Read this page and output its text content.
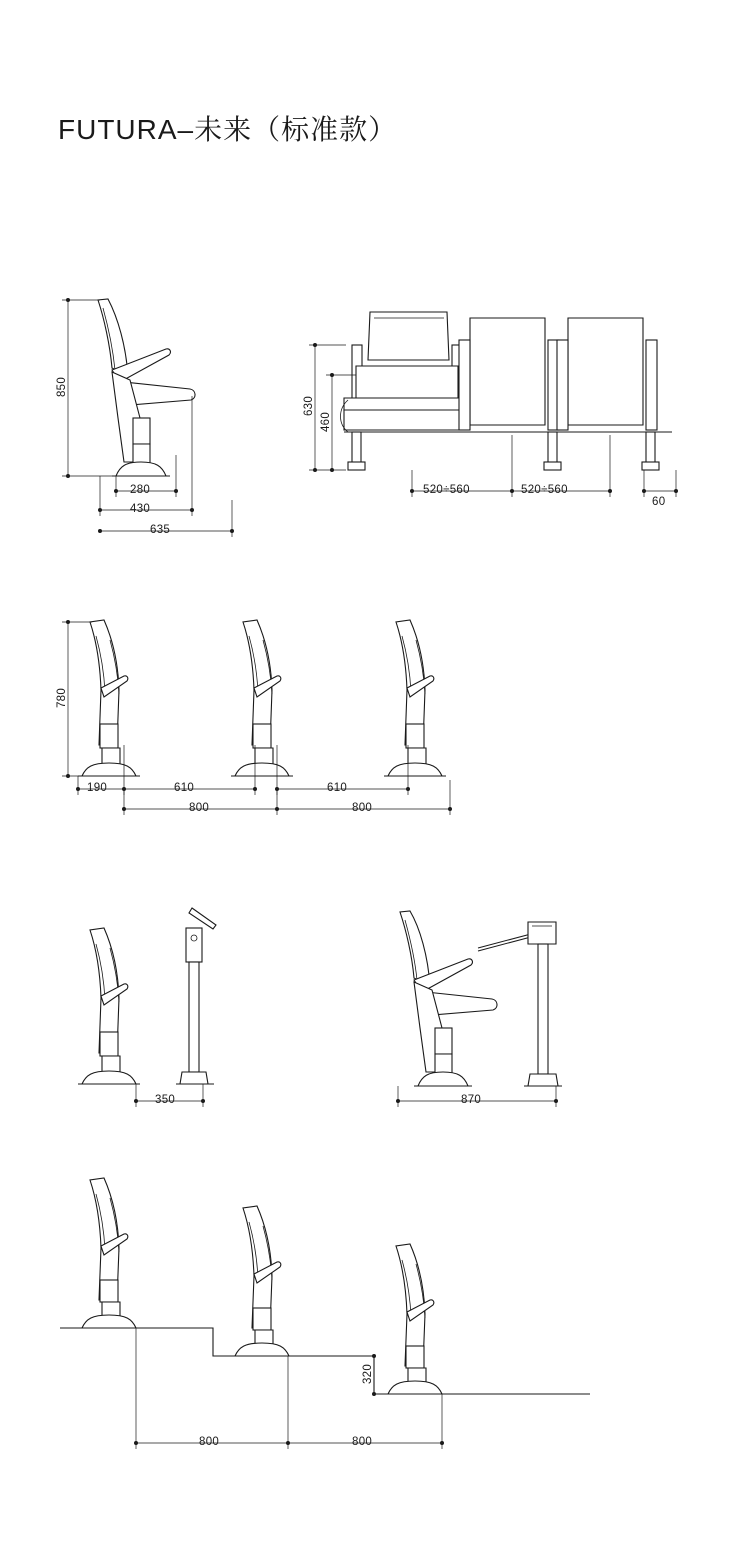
FUTURA–未来（标准款）
850
280
430
635
630
460
520÷560	520÷560
60
780
190	610	610
800	800
350	870
320
800	800
